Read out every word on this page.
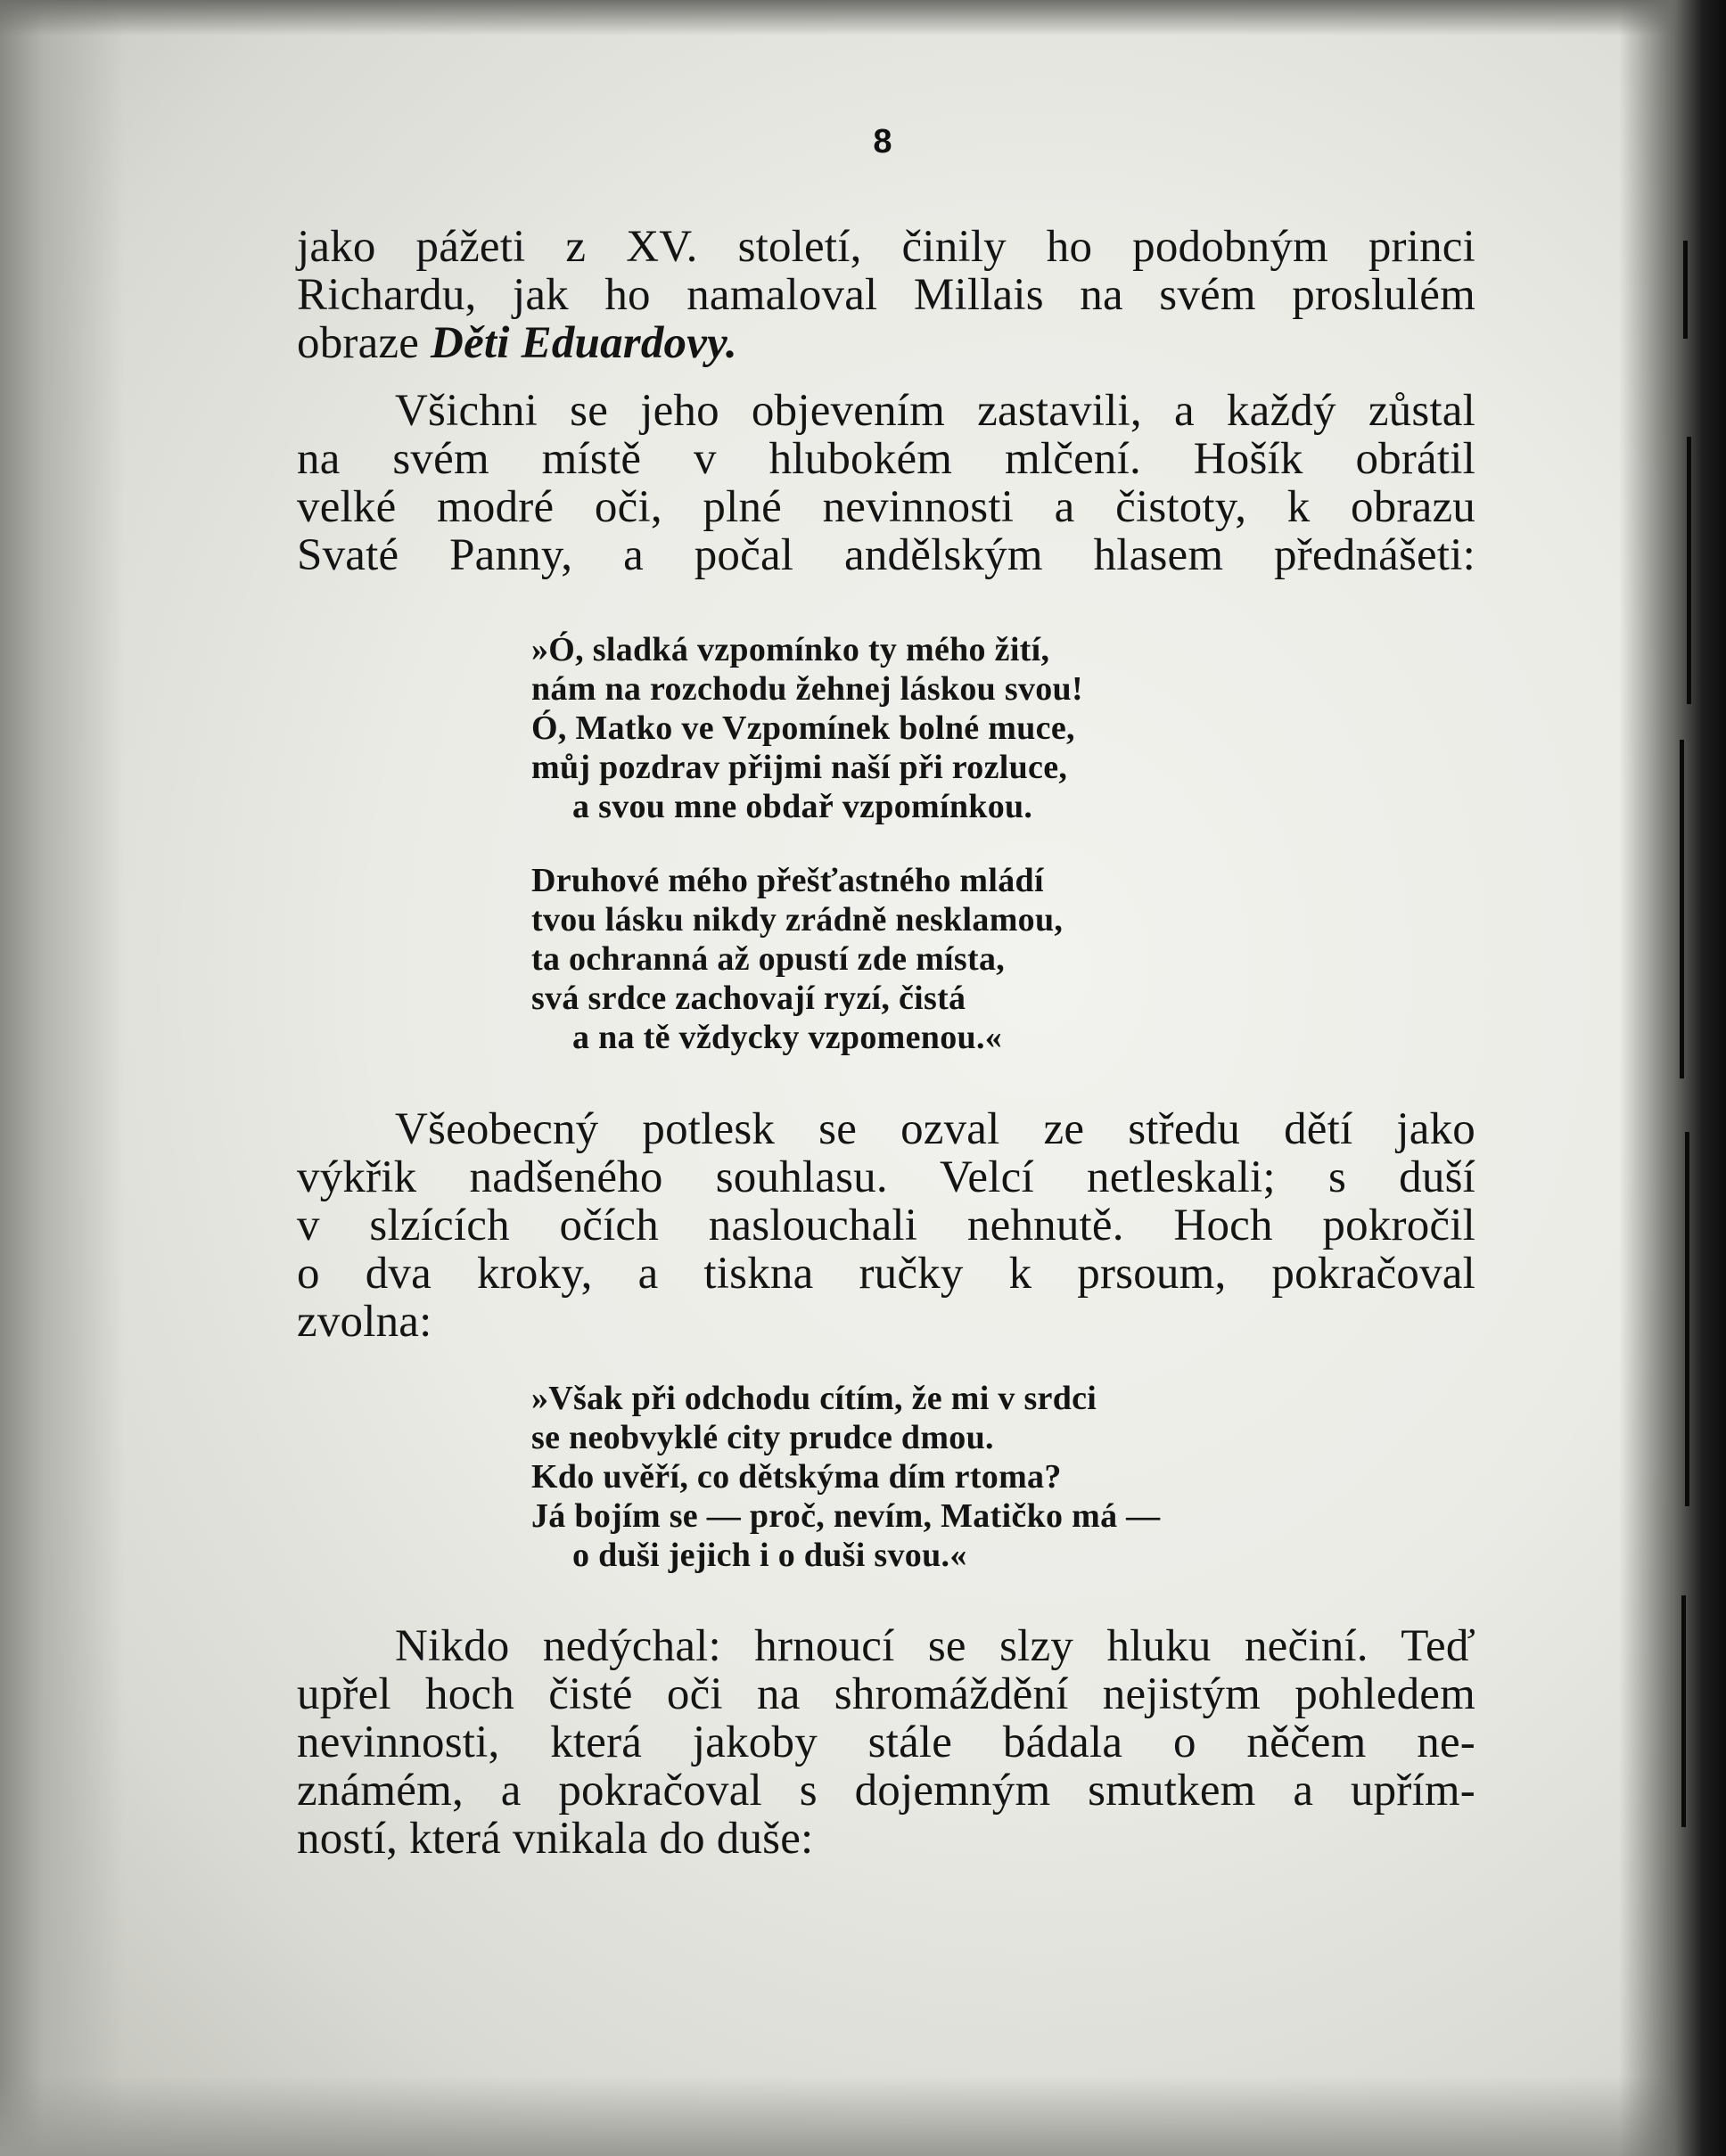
8
jako pážeti z XV. století, činily ho podobným princi
Richardu, jak ho namaloval Millais na svém proslulém
obraze Děti Eduardovy.
Všichni se jeho objevením zastavili, a každý zůstal
na svém místě v hlubokém mlčení. Hošík obrátil
velké modré oči, plné nevinnosti a čistoty, k obrazu
Svaté Panny, a počal andělským hlasem přednášeti:
»Ó, sladká vzpomínko ty mého žití,
nám na rozchodu žehnej láskou svou!
Ó, Matko ve Vzpomínek bolné muce,
můj pozdrav přijmi naší při rozluce,
a svou mne obdař vzpomínkou.
Druhové mého přešťastného mládí
tvou lásku nikdy zrádně nesklamou,
ta ochranná až opustí zde místa,
svá srdce zachovají ryzí, čistá
a na tě vždycky vzpomenou.«
Všeobecný potlesk se ozval ze středu dětí jako
výkřik nadšeného souhlasu. Velcí netleskali; s duší
v slzících očích naslouchali nehnutě. Hoch pokročil
o dva kroky, a tiskna ručky k prsoum, pokračoval
zvolna:
»Však při odchodu cítím, že mi v srdci
se neobvyklé city prudce dmou.
Kdo uvěří, co dětskýma dím rtoma?
Já bojím se — proč, nevím, Matičko má —
o duši jejich i o duši svou.«
Nikdo nedýchal: hrnoucí se slzy hluku nečiní. Teď
upřel hoch čisté oči na shromáždění nejistým pohledem
nevinnosti, která jakoby stále bádala o něčem ne-
známém, a pokračoval s dojemným smutkem a upřím-
ností, která vnikala do duše:
